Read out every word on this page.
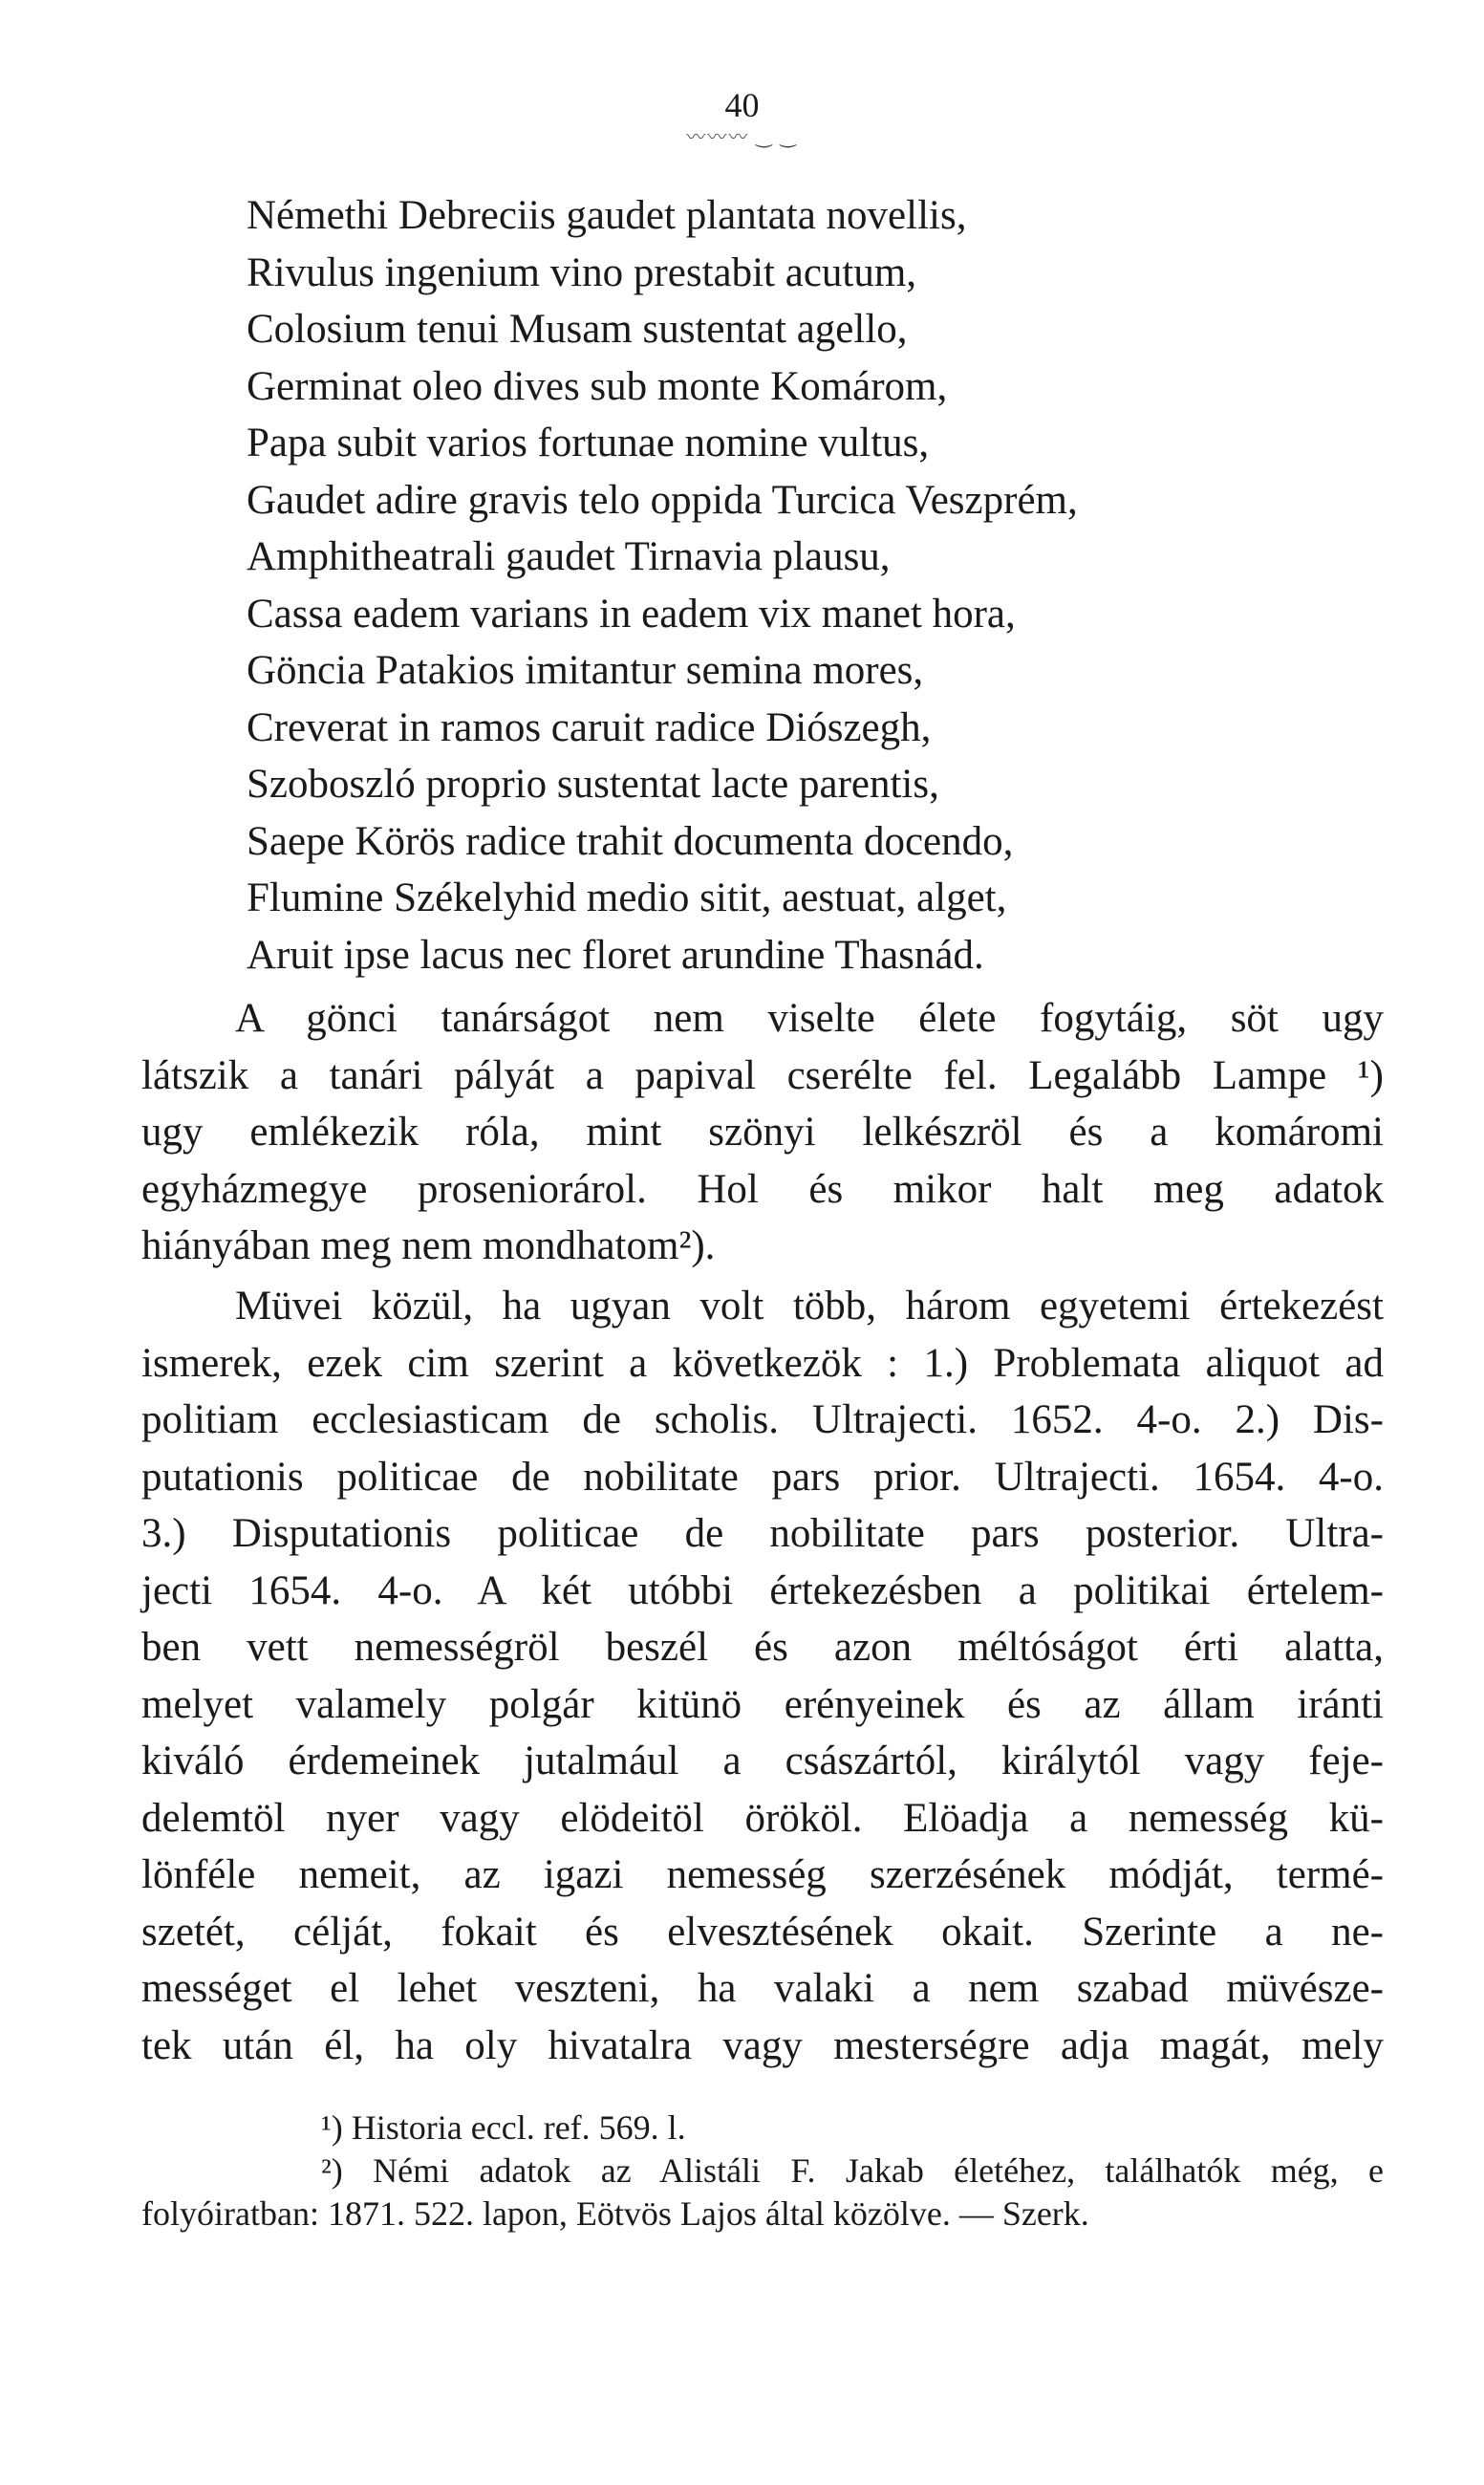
40
〰〰〰 ‿ ‿
Némethi Debreciis gaudet plantata novellis,
Rivulus ingenium vino prestabit acutum,
Colosium tenui Musam sustentat agello,
Germinat oleo dives sub monte Komárom,
Papa subit varios fortunae nomine vultus,
Gaudet adire gravis telo oppida Turcica Veszprém,
Amphitheatrali gaudet Tirnavia plausu,
Cassa eadem varians in eadem vix manet hora,
Göncia Patakios imitantur semina mores,
Creverat in ramos caruit radice Diószegh,
Szoboszló proprio sustentat lacte parentis,
Saepe Körös radice trahit documenta docendo,
Flumine Székelyhid medio sitit, aestuat, alget,
Aruit ipse lacus nec floret arundine Thasnád.
A gönci tanárságot nem viselte élete fogytáig, söt ugy
látszik a tanári pályát a papival cserélte fel. Legalább Lampe ¹)
ugy emlékezik róla, mint szönyi lelkészröl és a komáromi
egyházmegye proseniorárol. Hol és mikor halt meg adatok
hiányában meg nem mondhatom²).
Müvei közül, ha ugyan volt több, három egyetemi értekezést
ismerek, ezek cim szerint a következök : 1.) Problemata aliquot ad
politiam ecclesiasticam de scholis. Ultrajecti. 1652. 4-o. 2.) Dis-
putationis politicae de nobilitate pars prior. Ultrajecti. 1654. 4-o.
3.) Disputationis politicae de nobilitate pars posterior. Ultra-
jecti 1654. 4-o. A két utóbbi értekezésben a politikai értelem-
ben vett nemességröl beszél és azon méltóságot érti alatta,
melyet valamely polgár kitünö erényeinek és az állam iránti
kiváló érdemeinek jutalmául a császártól, királytól vagy feje-
delemtöl nyer vagy elödeitöl örököl. Elöadja a nemesség kü-
lönféle nemeit, az igazi nemesség szerzésének módját, termé-
szetét, célját, fokait és elvesztésének okait. Szerinte a ne-
mességet el lehet veszteni, ha valaki a nem szabad müvésze-
tek után él, ha oly hivatalra vagy mesterségre adja magát, mely
¹) Historia eccl. ref. 569. l.
²) Némi adatok az Alistáli F. Jakab életéhez, találhatók még, e
folyóiratban: 1871. 522. lapon, Eötvös Lajos által közölve. — Szerk.
